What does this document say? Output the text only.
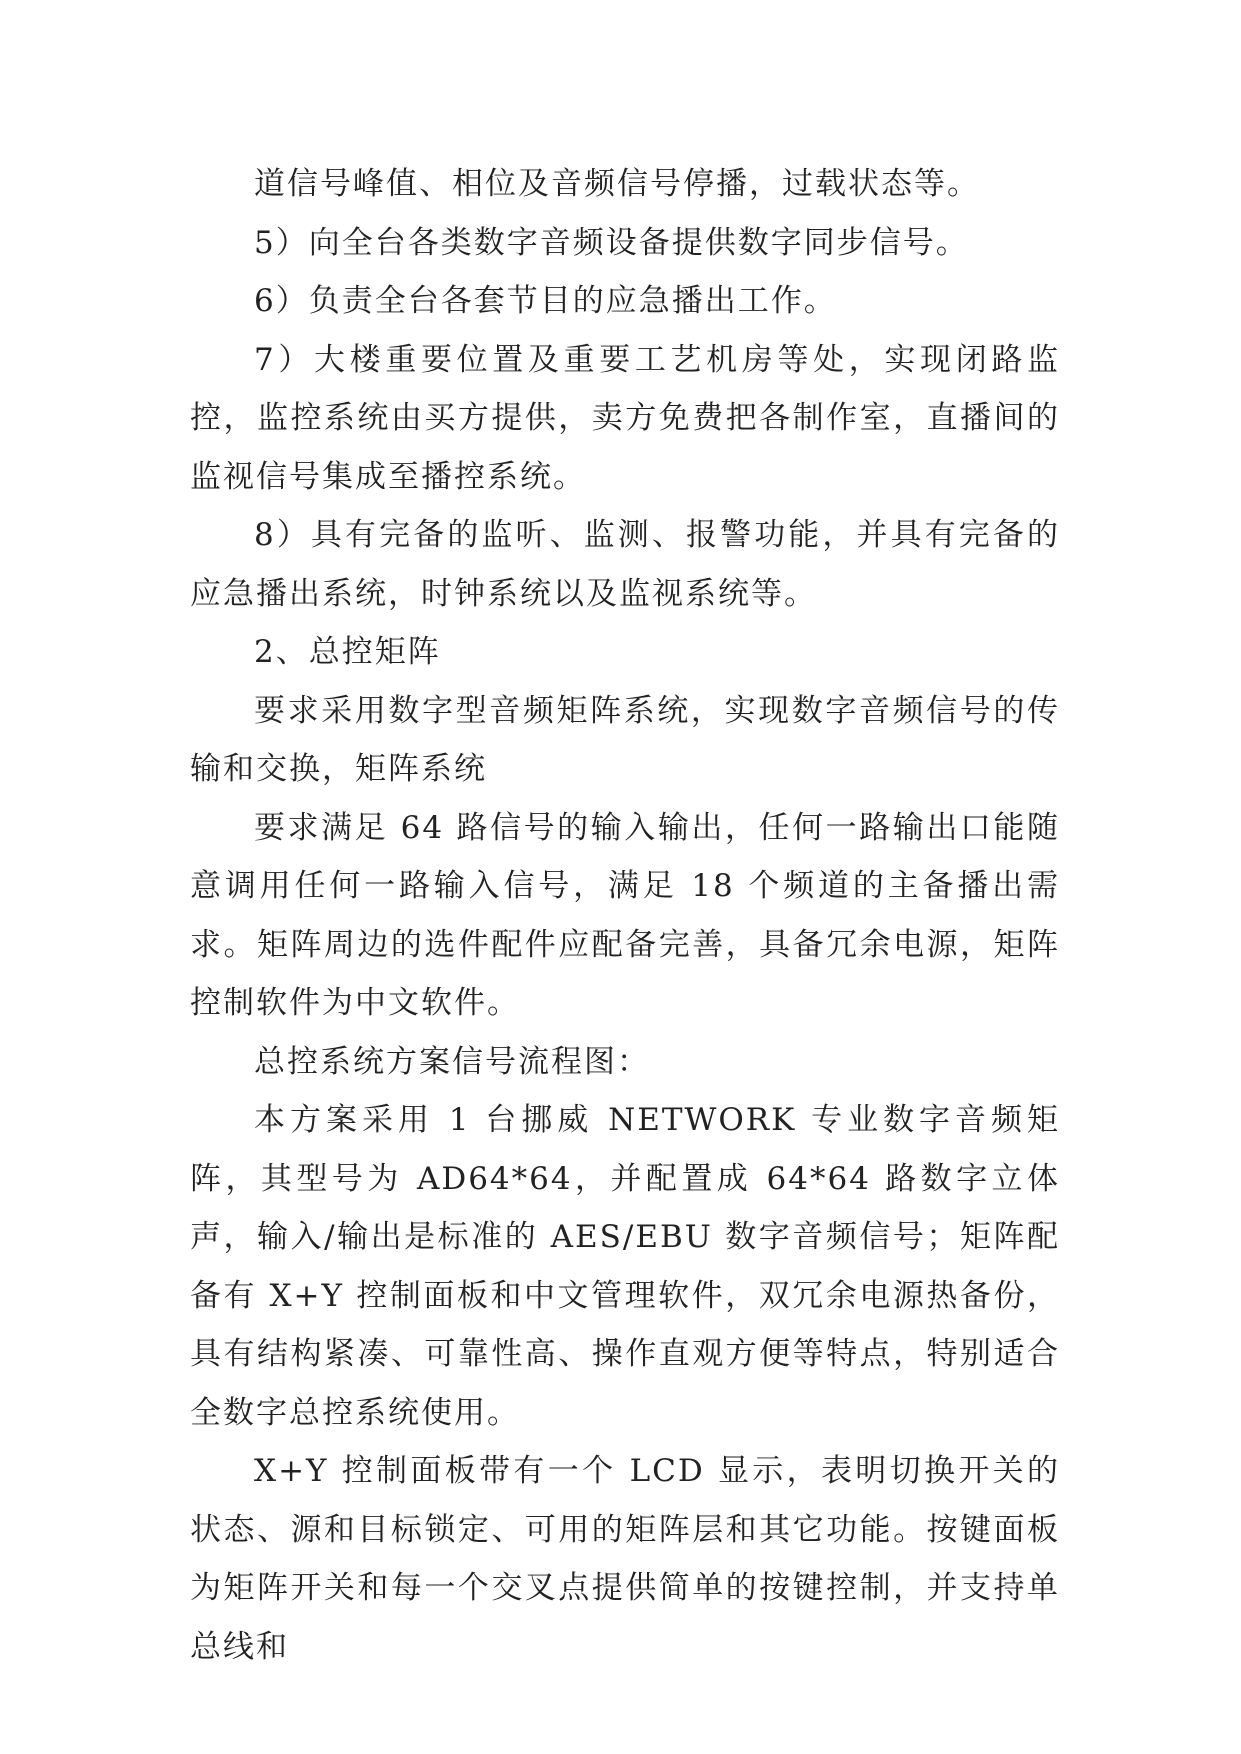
道信号峰值、相位及音频信号停播，过载状态等。

5）向全台各类数字音频设备提供数字同步信号。

6）负责全台各套节目的应急播出工作。

7）大楼重要位置及重要工艺机房等处，实现闭路监控，监控系统由买方提供，卖方免费把各制作室，直播间的监视信号集成至播控系统。

8）具有完备的监听、监测、报警功能，并具有完备的应急播出系统，时钟系统以及监视系统等。

2、总控矩阵

要求采用数字型音频矩阵系统，实现数字音频信号的传输和交换，矩阵系统

要求满足 64 路信号的输入输出，任何一路输出口能随意调用任何一路输入信号，满足 18 个频道的主备播出需求。矩阵周边的选件配件应配备完善，具备冗余电源，矩阵控制软件为中文软件。

总控系统方案信号流程图：

本方案采用 1 台挪威 NETWORK 专业数字音频矩阵，其型号为 AD64*64，并配置成 64*64 路数字立体声，输入/输出是标准的 AES/EBU 数字音频信号；矩阵配备有 X+Y 控制面板和中文管理软件，双冗余电源热备份，具有结构紧凑、可靠性高、操作直观方便等特点，特别适合全数字总控系统使用。

X+Y 控制面板带有一个 LCD 显示，表明切换开关的状态、源和目标锁定、可用的矩阵层和其它功能。按键面板为矩阵开关和每一个交叉点提供简单的按键控制，并支持单总线和
